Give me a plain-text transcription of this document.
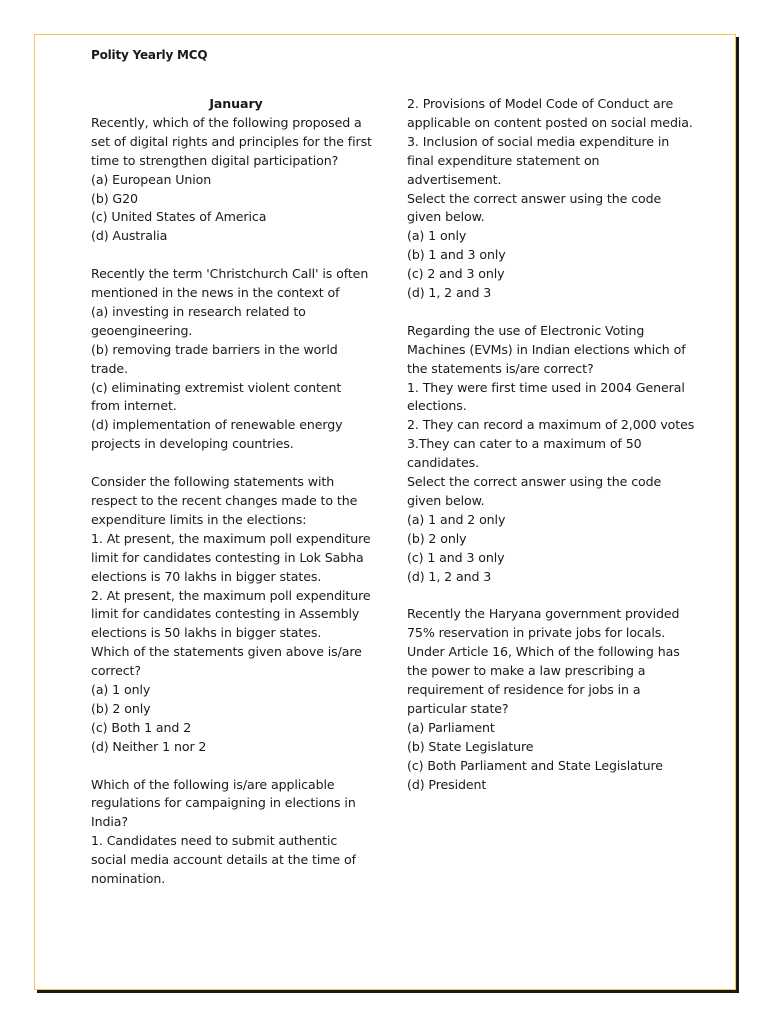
Polity Yearly MCQ
January
Recently, which of the following proposed a set of digital rights and principles for the first time to strengthen digital participation?
(a) European Union
(b) G20
(c) United States of America
(d) Australia
Recently the term 'Christchurch Call' is often mentioned in the news in the context of
(a) investing in research related to geoengineering.
(b) removing trade barriers in the world trade.
(c) eliminating extremist violent content from internet.
(d) implementation of renewable energy projects in developing countries.
Consider the following statements with respect to the recent changes made to the expenditure limits in the elections:
1. At present, the maximum poll expenditure limit for candidates contesting in Lok Sabha elections is 70 lakhs in bigger states.
2. At present, the maximum poll expenditure limit for candidates contesting in Assembly elections is 50 lakhs in bigger states.
Which of the statements given above is/are correct?
(a) 1 only
(b) 2 only
(c) Both 1 and 2
(d) Neither 1 nor 2
Which of the following is/are applicable regulations for campaigning in elections in India?
1. Candidates need to submit authentic social media account details at the time of nomination.
2. Provisions of Model Code of Conduct are applicable on content posted on social media.
3. Inclusion of social media expenditure in final expenditure statement on advertisement.
Select the correct answer using the code given below.
(a) 1 only
(b) 1 and 3 only
(c) 2 and 3 only
(d) 1, 2 and 3
Regarding the use of Electronic Voting Machines (EVMs) in Indian elections which of the statements is/are correct?
1. They were first time used in 2004 General elections.
2. They can record a maximum of 2,000 votes
3.They can cater to a maximum of 50 candidates.
Select the correct answer using the code given below.
(a) 1 and 2 only
(b) 2 only
(c) 1 and 3 only
(d) 1, 2 and 3
Recently the Haryana government provided 75% reservation in private jobs for locals. Under Article 16, Which of the following has the power to make a law prescribing a requirement of residence for jobs in a particular state?
(a) Parliament
(b) State Legislature
(c) Both Parliament and State Legislature
(d) President
